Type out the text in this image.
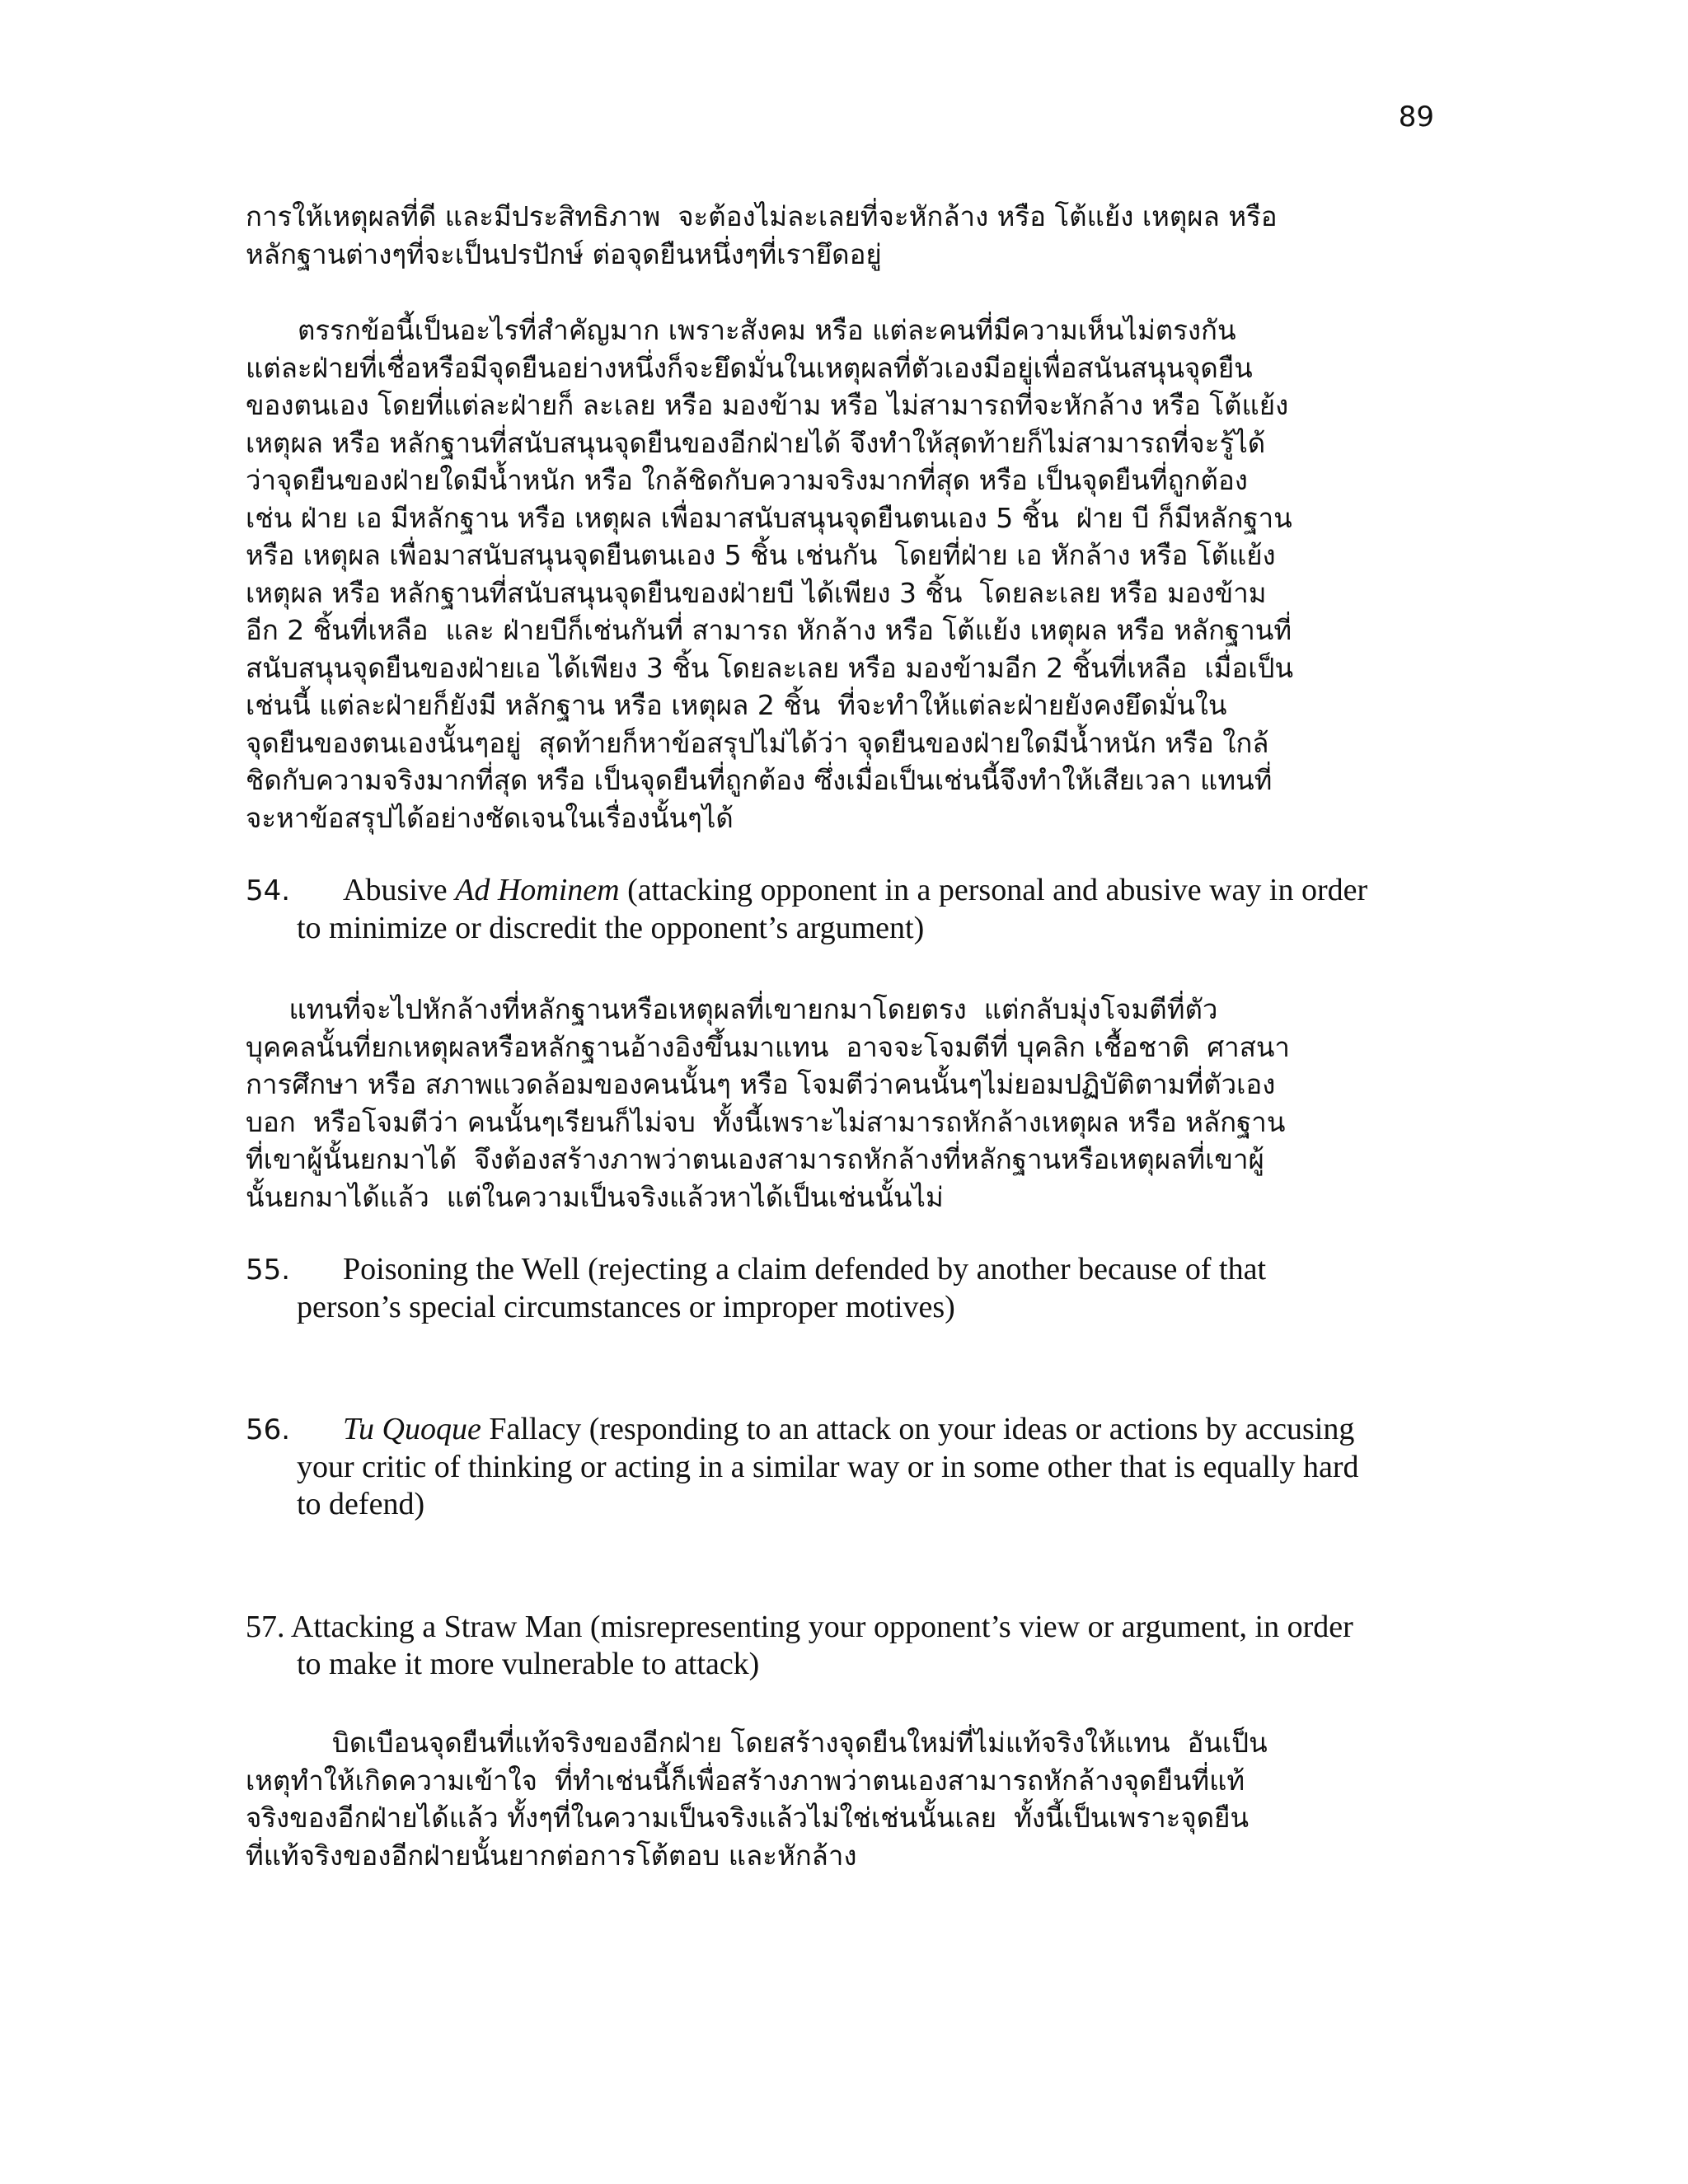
89

การให้เหตุผลที่ดี และมีประสิทธิภาพ  จะต้องไม่ละเลยที่จะหักล้าง หรือ โต้แย้ง เหตุผล หรือ
หลักฐานต่างๆที่จะเป็นปรปักษ์ ต่อจุดยืนหนึ่งๆที่เรายึดอยู่

ตรรกข้อนี้เป็นอะไรที่สำคัญมาก เพราะสังคม หรือ แต่ละคนที่มีความเห็นไม่ตรงกัน
แต่ละฝ่ายที่เชื่อหรือมีจุดยืนอย่างหนึ่งก็จะยึดมั่นในเหตุผลที่ตัวเองมีอยู่เพื่อสนันสนุนจุดยืน
ของตนเอง โดยที่แต่ละฝ่ายก็ ละเลย หรือ มองข้าม หรือ ไม่สามารถที่จะหักล้าง หรือ โต้แย้ง
เหตุผล หรือ หลักฐานที่สนับสนุนจุดยืนของอีกฝ่ายได้ จึงทำให้สุดท้ายก็ไม่สามารถที่จะรู้ได้
ว่าจุดยืนของฝ่ายใดมีน้ำหนัก หรือ ใกล้ชิดกับความจริงมากที่สุด หรือ เป็นจุดยืนที่ถูกต้อง
เช่น ฝ่าย เอ มีหลักฐาน หรือ เหตุผล เพื่อมาสนับสนุนจุดยืนตนเอง 5 ชิ้น  ฝ่าย บี ก็มีหลักฐาน
หรือ เหตุผล เพื่อมาสนับสนุนจุดยืนตนเอง 5 ชิ้น เช่นกัน  โดยที่ฝ่าย เอ หักล้าง หรือ โต้แย้ง
เหตุผล หรือ หลักฐานที่สนับสนุนจุดยืนของฝ่ายบี ได้เพียง 3 ชิ้น  โดยละเลย หรือ มองข้าม
อีก 2 ชิ้นที่เหลือ  และ ฝ่ายบีก็เช่นกันที่ สามารถ หักล้าง หรือ โต้แย้ง เหตุผล หรือ หลักฐานที่
สนับสนุนจุดยืนของฝ่ายเอ ได้เพียง 3 ชิ้น โดยละเลย หรือ มองข้ามอีก 2 ชิ้นที่เหลือ  เมื่อเป็น
เช่นนี้ แต่ละฝ่ายก็ยังมี หลักฐาน หรือ เหตุผล 2 ชิ้น  ที่จะทำให้แต่ละฝ่ายยังคงยึดมั่นใน
จุดยืนของตนเองนั้นๆอยู่  สุดท้ายก็หาข้อสรุปไม่ได้ว่า จุดยืนของฝ่ายใดมีน้ำหนัก หรือ ใกล้
ชิดกับความจริงมากที่สุด หรือ เป็นจุดยืนที่ถูกต้อง ซึ่งเมื่อเป็นเช่นนี้จึงทำให้เสียเวลา แทนที่
จะหาข้อสรุปได้อย่างชัดเจนในเรื่องนั้นๆได้

54. Abusive Ad Hominem (attacking opponent in a personal and abusive way in order
to minimize or discredit the opponent’s argument)

แทนที่จะไปหักล้างที่หลักฐานหรือเหตุผลที่เขายกมาโดยตรง  แต่กลับมุ่งโจมตีที่ตัว
บุคคลนั้นที่ยกเหตุผลหรือหลักฐานอ้างอิงขึ้นมาแทน  อาจจะโจมตีที่ บุคลิก เชื้อชาติ  ศาสนา
การศึกษา หรือ สภาพแวดล้อมของคนนั้นๆ หรือ โจมตีว่าคนนั้นๆไม่ยอมปฏิบัติตามที่ตัวเอง
บอก  หรือโจมตีว่า คนนั้นๆเรียนก็ไม่จบ  ทั้งนี้เพราะไม่สามารถหักล้างเหตุผล หรือ หลักฐาน
ที่เขาผู้นั้นยกมาได้  จึงต้องสร้างภาพว่าตนเองสามารถหักล้างที่หลักฐานหรือเหตุผลที่เขาผู้
นั้นยกมาได้แล้ว  แต่ในความเป็นจริงแล้วหาได้เป็นเช่นนั้นไม่

55. Poisoning the Well (rejecting a claim defended by another because of that
person’s special circumstances or improper motives)
56. Tu Quoque Fallacy (responding to an attack on your ideas or actions by accusing
your critic of thinking or acting in a similar way or in some other that is equally hard
to defend)
57. Attacking a Straw Man (misrepresenting your opponent’s view or argument, in order
to make it more vulnerable to attack)

บิดเบือนจุดยืนที่แท้จริงของอีกฝ่าย โดยสร้างจุดยืนใหม่ที่ไม่แท้จริงให้แทน  อันเป็น
เหตุทำให้เกิดความเข้าใจ  ที่ทำเช่นนี้ก็เพื่อสร้างภาพว่าตนเองสามารถหักล้างจุดยืนที่แท้
จริงของอีกฝ่ายได้แล้ว ทั้งๆที่ในความเป็นจริงแล้วไม่ใช่เช่นนั้นเลย  ทั้งนี้เป็นเพราะจุดยืน
ที่แท้จริงของอีกฝ่ายนั้นยากต่อการโต้ตอบ และหักล้าง
